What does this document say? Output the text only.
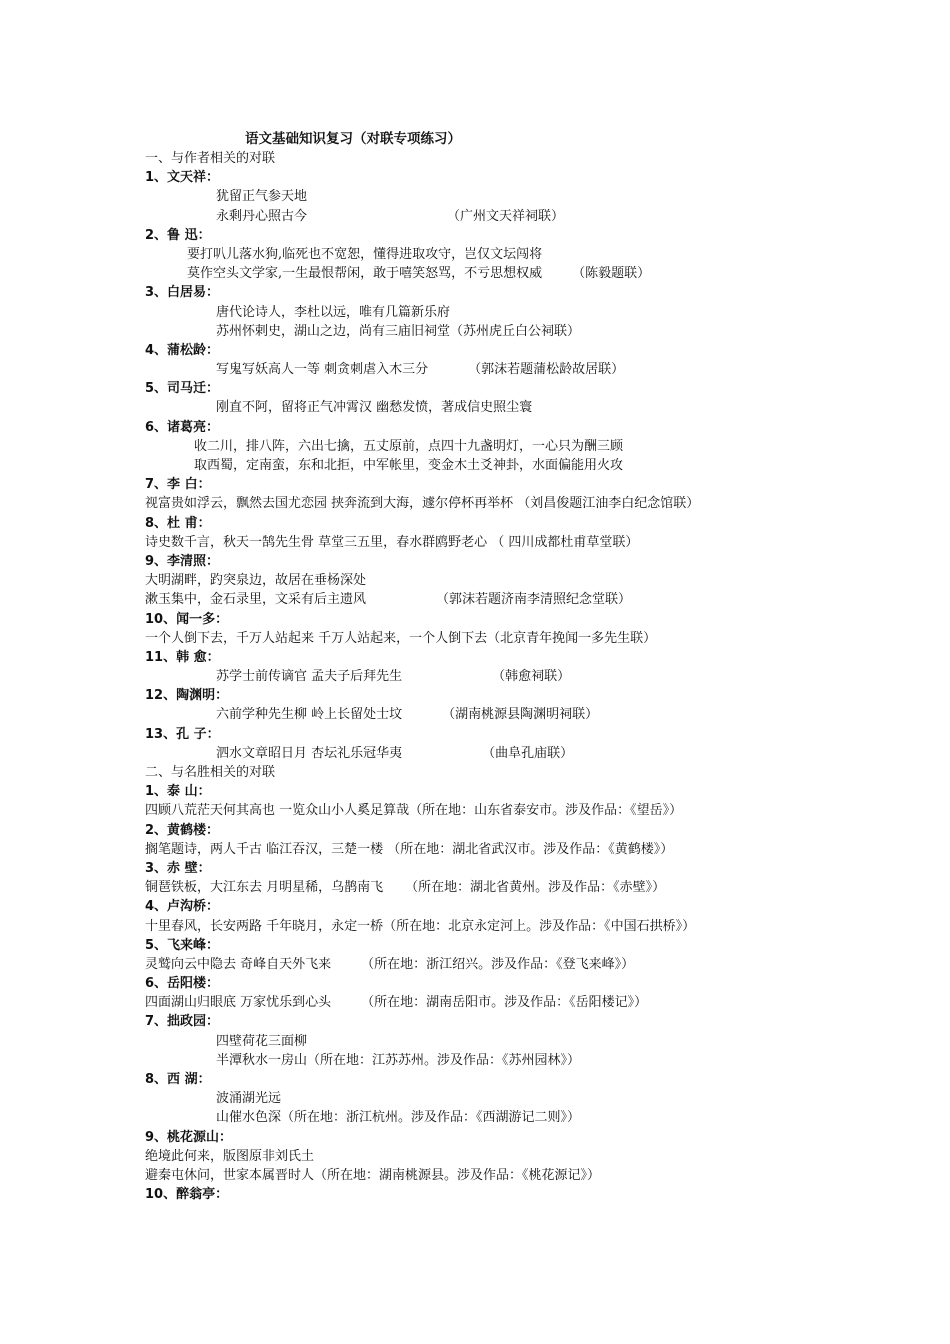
语文基础知识复习（对联专项练习）
一、与作者相关的对联
1、文天祥：
犹留正气参天地
永剩丹心照古今	（广州文天祥祠联）
2、鲁 迅：
要打叭儿落水狗,临死也不宽恕，懂得进取攻守，岂仅文坛闯将
莫作空头文学家,一生最恨帮闲，敢于嘻笑怒骂，不亏思想权威 （陈毅题联）
3、白居易：
唐代论诗人，李杜以远，唯有几篇新乐府
苏州怀剌史，湖山之边，尚有三庙旧祠堂（苏州虎丘白公祠联）
4、蒲松龄：
写鬼写妖高人一等 刺贪刺虐入木三分	（郭沫若题蒲松龄故居联）
5、司马迁：
刚直不阿，留将正气冲霄汉 幽愁发愤，著成信史照尘寰
6、诸葛亮：
收二川，排八阵，六出七擒，五丈原前，点四十九盏明灯，一心只为酬三顾
取西蜀，定南蛮，东和北拒，中军帐里，变金木土爻神卦，水面偏能用火攻
7、李 白：
视富贵如浮云，飘然去国尤恋园 挟奔流到大海，遽尔停杯再举杯 （刘昌俊题江油李白纪念馆联）
8、杜 甫：
诗史数千言，秋天一鹄先生骨 草堂三五里，春水群鸥野老心 （ 四川成都杜甫草堂联）
9、李清照：
大明湖畔，趵突泉边，故居在垂杨深处
漱玉集中，金石录里，文采有后主遗风	（郭沫若题济南李清照纪念堂联）
10、闻一多：
一个人倒下去，千万人站起来 千万人站起来，一个人倒下去（北京青年挽闻一多先生联）
11、韩 愈：
苏学士前传谪官 孟夫子后拜先生	（韩愈祠联）
12、陶渊明：
六前学种先生柳 岭上长留处士坟	（湖南桃源县陶渊明祠联）
13、孔 子：
泗水文章昭日月 杏坛礼乐冠华夷	（曲阜孔庙联）
二、与名胜相关的对联
1、泰 山：
四顾八荒茫天何其高也 一览众山小人奚足算哉（所在地：山东省泰安市。涉及作品：《望岳》）
2、黄鹤楼：
搁笔题诗，两人千古 临江吞汉，三楚一楼 （所在地：湖北省武汉市。涉及作品：《黄鹤楼》）
3、赤 壁：
铜琶铁板，大江东去 月明星稀，乌鹊南飞 （所在地：湖北省黄州。涉及作品：《赤壁》）
4、卢沟桥：
十里春风，长安两路 千年晓月，永定一桥（所在地：北京永定河上。涉及作品：《中国石拱桥》）
5、飞来峰：
灵鹫向云中隐去 奇峰自天外飞来 （所在地：浙江绍兴。涉及作品：《登飞来峰》）
6、岳阳楼：
四面湖山归眼底 万家忧乐到心头 （所在地：湖南岳阳市。涉及作品：《岳阳楼记》）
7、拙政园：
四壁荷花三面柳
半潭秋水一房山（所在地：江苏苏州。涉及作品：《苏州园林》）
8、西 湖：
波涌湖光远
山催水色深（所在地：浙江杭州。涉及作品：《西湖游记二则》）
9、桃花源山：
绝境此何来，版图原非刘氏土
避秦屯休问，世家本属晋时人（所在地：湖南桃源县。涉及作品：《桃花源记》）
10、醉翁亭：
